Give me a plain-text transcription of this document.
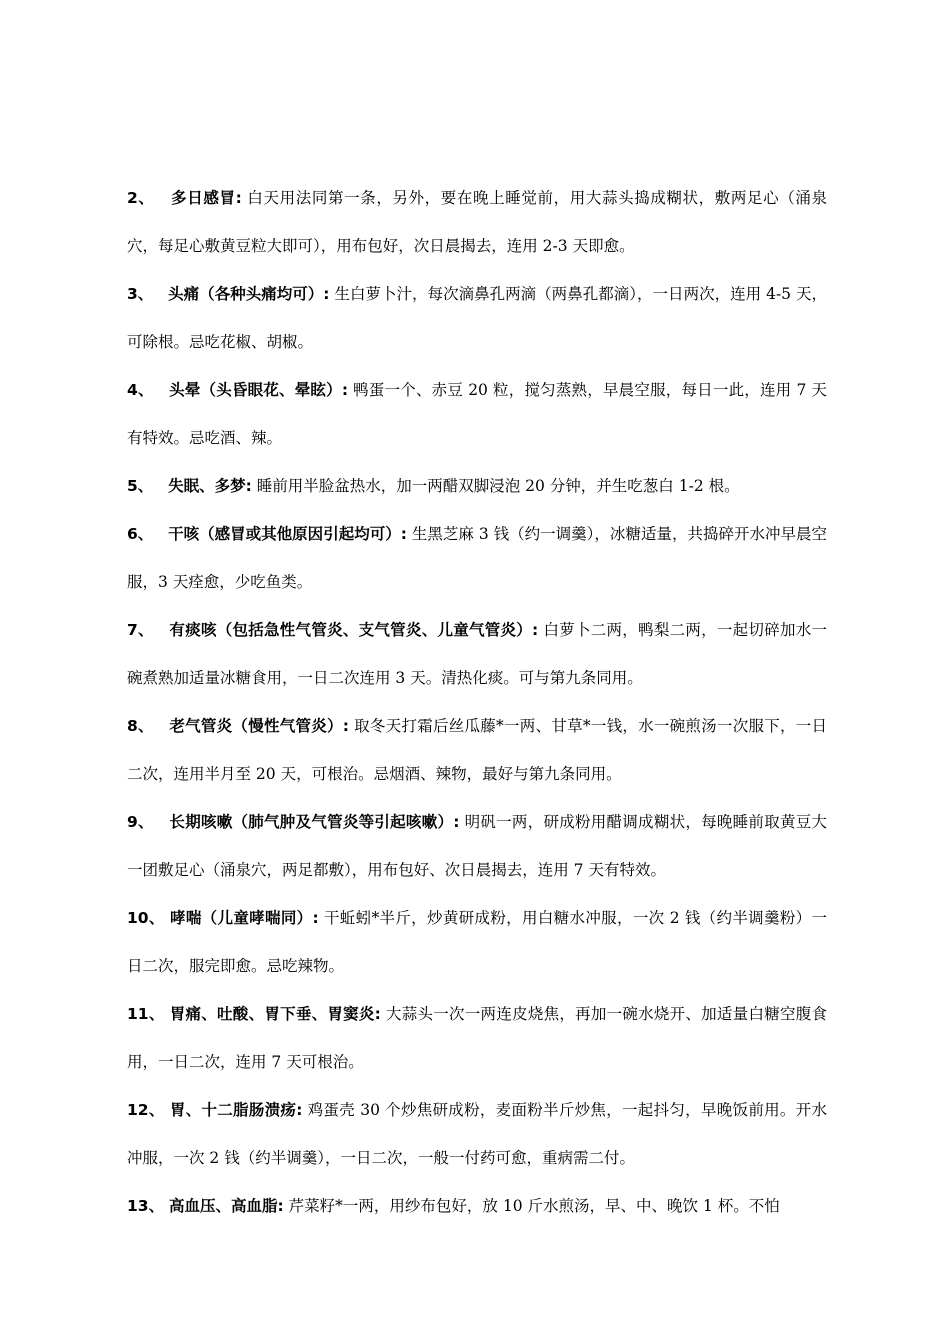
2、 多日感冒: 白天用法同第一条，另外，要在晚上睡觉前，用大蒜头捣成糊状，敷两足心（涌泉穴，每足心敷黄豆粒大即可），用布包好，次日晨揭去，连用 2-3 天即愈。
3、 头痛（各种头痛均可）: 生白萝卜汁，每次滴鼻孔两滴（两鼻孔都滴），一日两次，连用 4-5 天，可除根。忌吃花椒、胡椒。
4、 头晕（头昏眼花、晕眩）: 鸭蛋一个、赤豆 20 粒，搅匀蒸熟，早晨空服，每日一此，连用 7 天有特效。忌吃酒、辣。
5、 失眠、多梦: 睡前用半脸盆热水，加一两醋双脚浸泡 20 分钟，并生吃葱白 1-2 根。
6、 干咳（感冒或其他原因引起均可）: 生黑芝麻 3 钱（约一调羹），冰糖适量，共捣碎开水冲早晨空服，3 天痊愈，少吃鱼类。
7、 有痰咳（包括急性气管炎、支气管炎、儿童气管炎）: 白萝卜二两，鸭梨二两，一起切碎加水一碗煮熟加适量冰糖食用，一日二次连用 3 天。清热化痰。可与第九条同用。
8、 老气管炎（慢性气管炎）: 取冬天打霜后丝瓜藤*一两、甘草*一钱，水一碗煎汤一次服下，一日二次，连用半月至 20 天，可根治。忌烟酒、辣物，最好与第九条同用。
9、 长期咳嗽（肺气肿及气管炎等引起咳嗽）: 明矾一两，研成粉用醋调成糊状，每晚睡前取黄豆大一团敷足心（涌泉穴，两足都敷），用布包好、次日晨揭去，连用 7 天有特效。
10、 哮喘（儿童哮喘同）: 干蚯蚓*半斤，炒黄研成粉，用白糖水冲服，一次 2 钱（约半调羹粉）一日二次，服完即愈。忌吃辣物。
11、 胃痛、吐酸、胃下垂、胃窦炎: 大蒜头一次一两连皮烧焦，再加一碗水烧开、加适量白糖空腹食用，一日二次，连用 7 天可根治。
12、 胃、十二脂肠溃疡: 鸡蛋壳 30 个炒焦研成粉，麦面粉半斤炒焦，一起抖匀，早晚饭前用。开水冲服，一次 2 钱（约半调羹），一日二次，一般一付药可愈，重病需二付。
13、 高血压、高血脂: 芹菜籽*一两，用纱布包好，放 10 斤水煎汤，早、中、晚饮 1 杯。不怕
